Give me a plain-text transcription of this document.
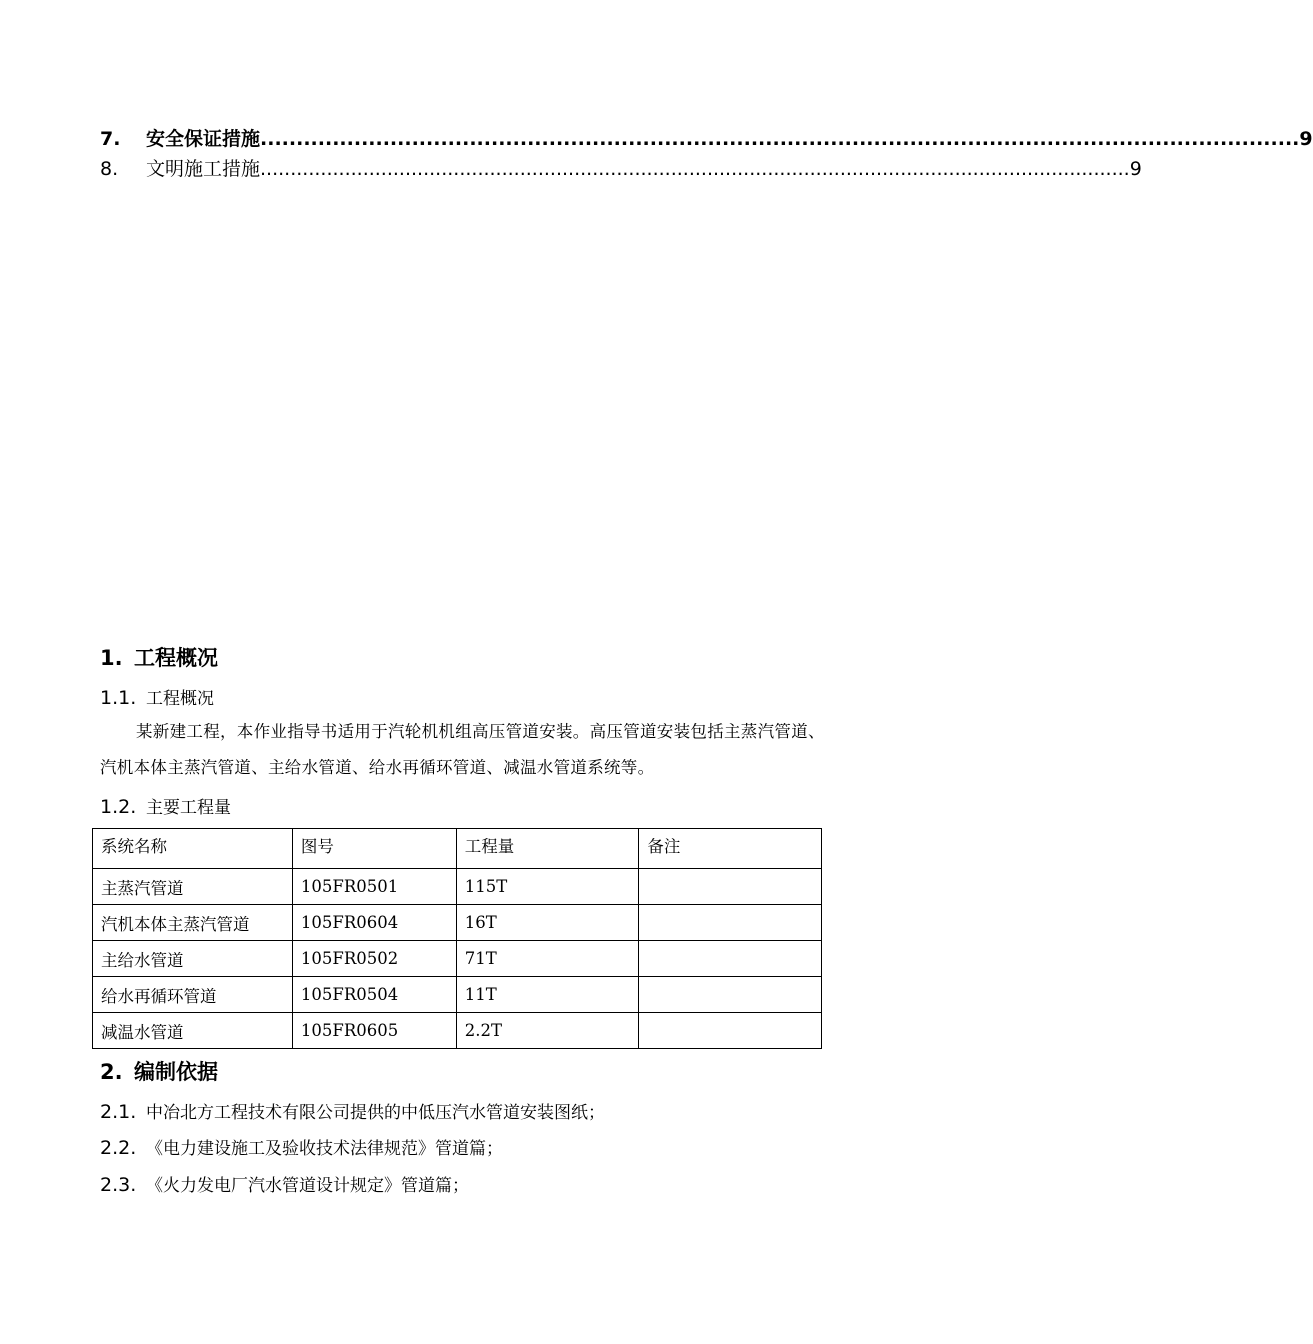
7.	安全保证措施 ................................................................................................................................................ 9
8.	文明施工措施 ................................................................................................................................................ 9
1. 工程概况
1.1. 工程概况
某新建工程，本作业指导书适用于汽轮机机组高压管道安装。高压管道安装包括主蒸汽管道、汽机本体主蒸汽管道、主给水管道、给水再循环管道、减温水管道系统等。
1.2. 主要工程量
系统名称	图号	工程量	备注
主蒸汽管道	105FR0501	115T	
汽机本体主蒸汽管道	105FR0604	16T	
主给水管道	105FR0502	71T	
给水再循环管道	105FR0504	11T	
减温水管道	105FR0605	2.2T	
2. 编制依据
2.1. 中冶北方工程技术有限公司提供的中低压汽水管道安装图纸；
2.2. 《电力建设施工及验收技术法律规范》管道篇；
2.3. 《火力发电厂汽水管道设计规定》管道篇；
